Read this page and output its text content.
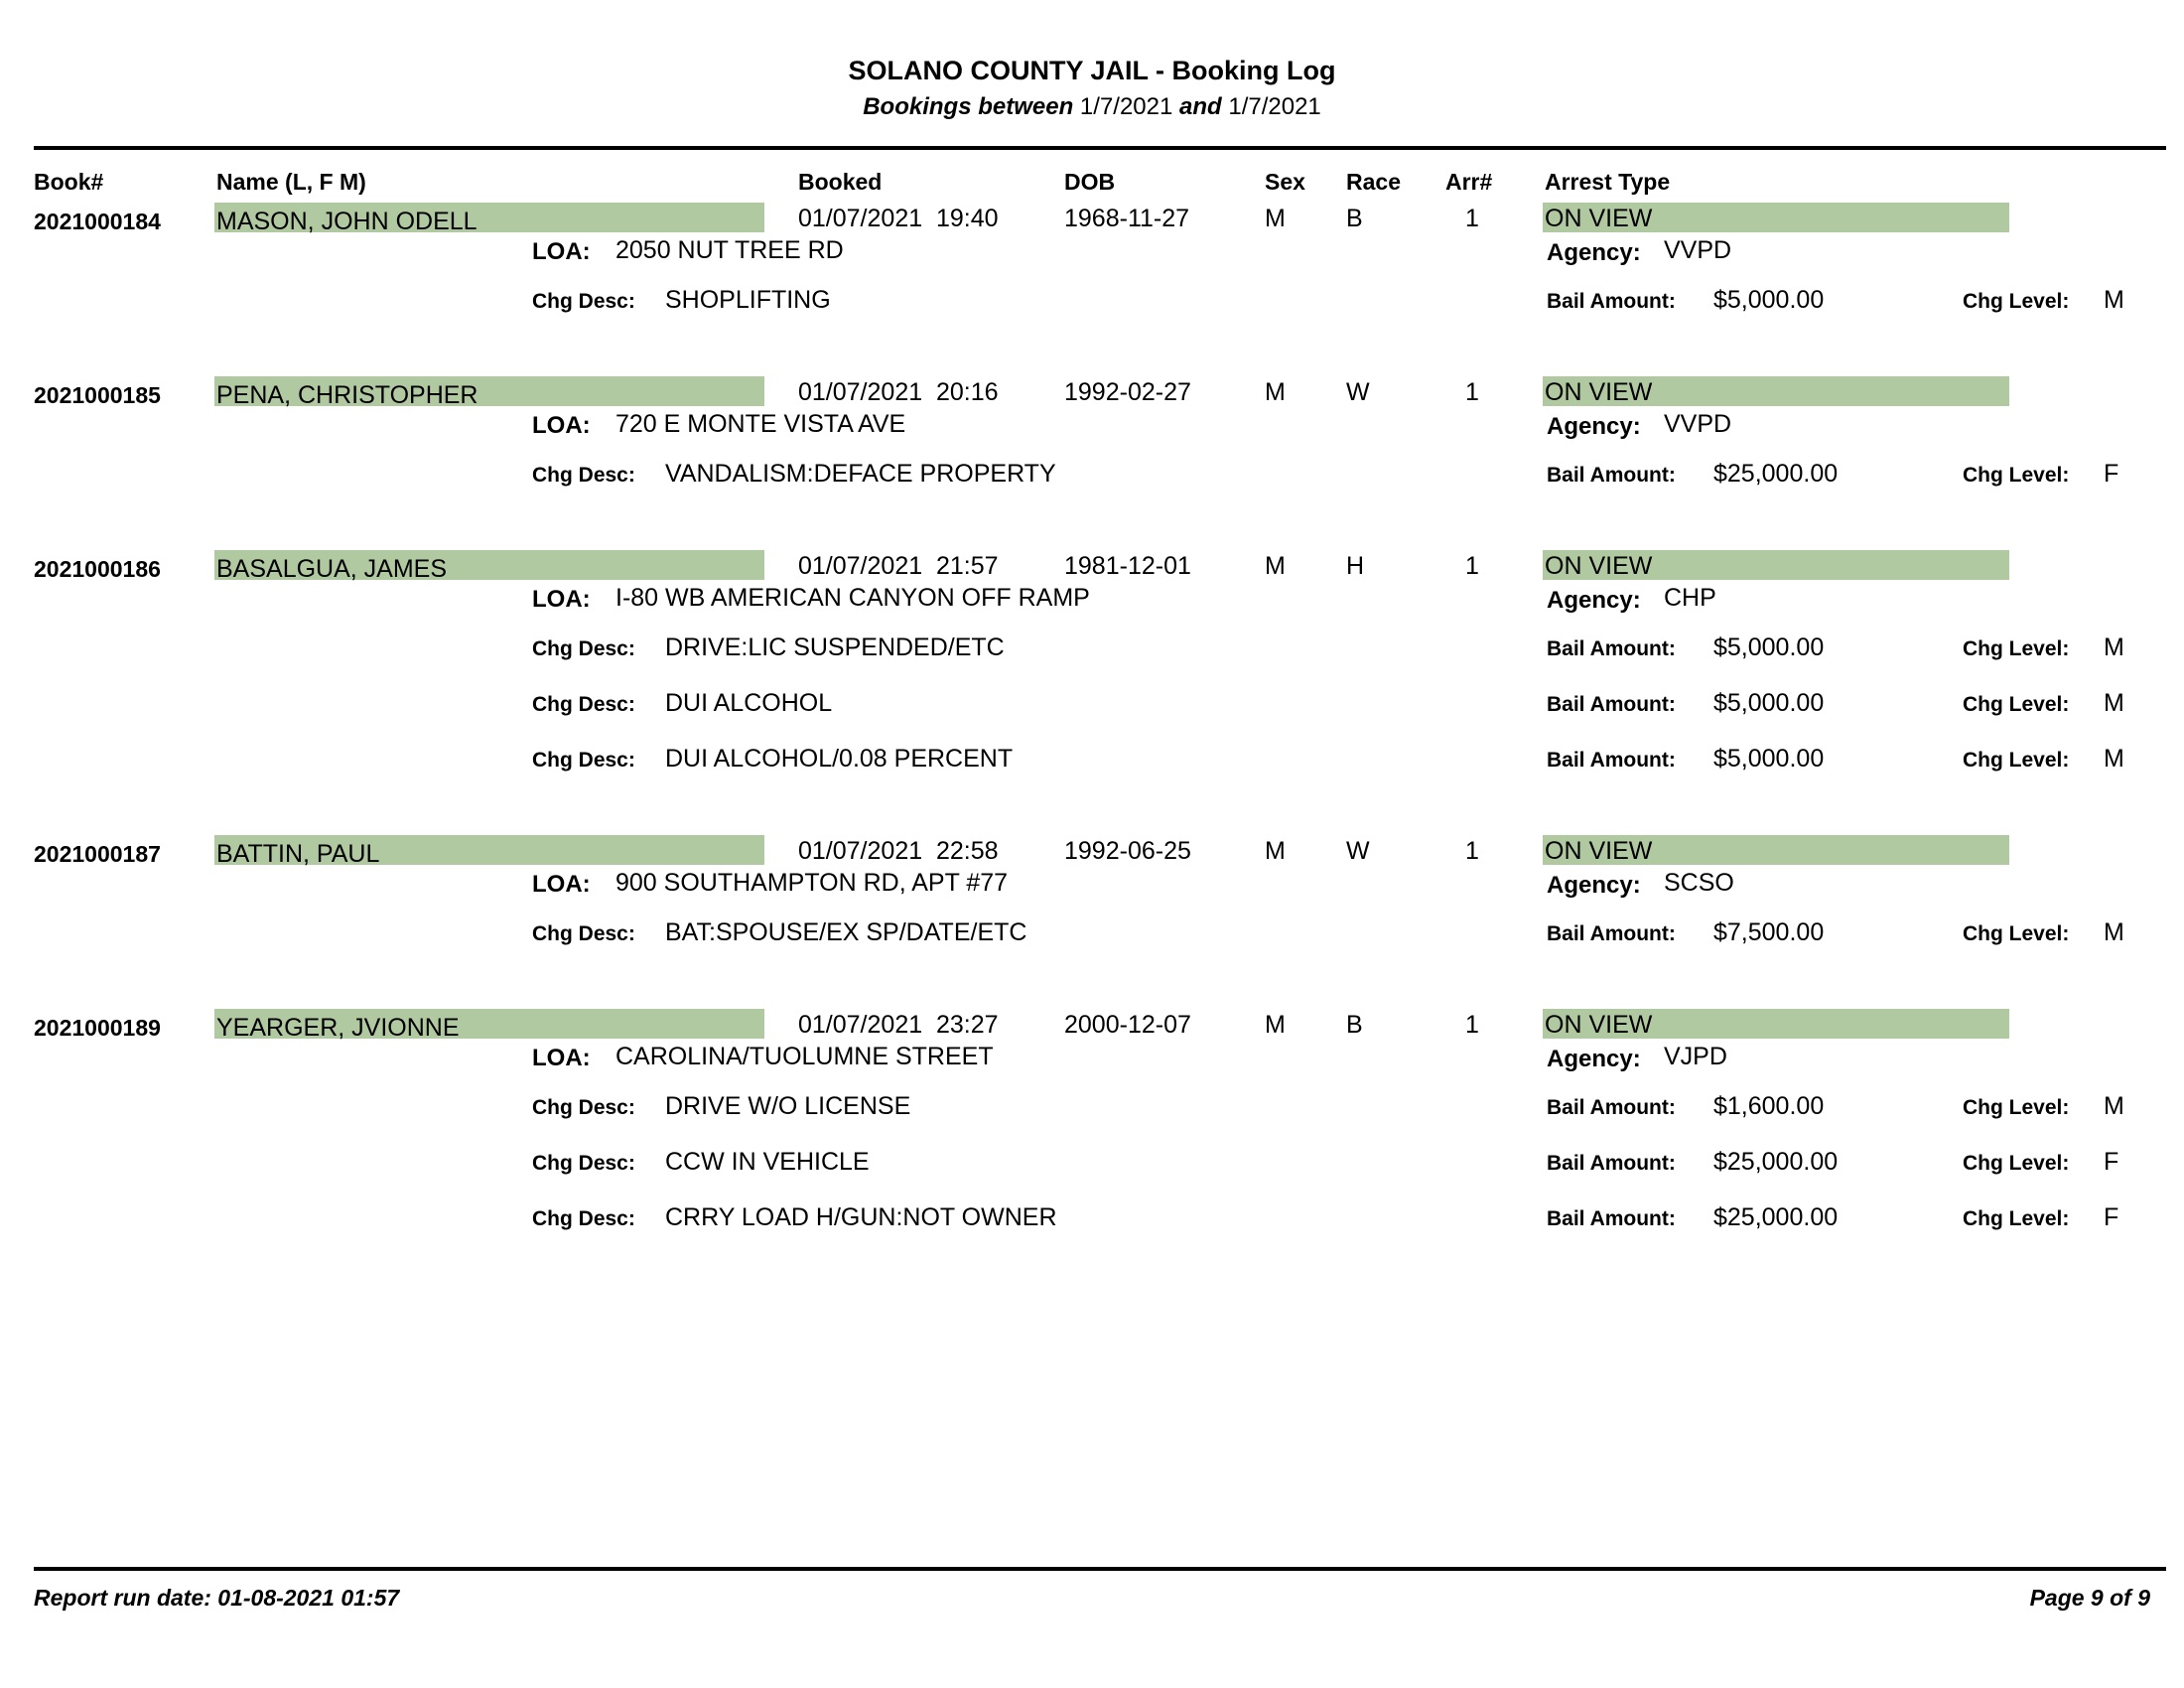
SOLANO COUNTY JAIL - Booking Log
Bookings between 1/7/2021 and 1/7/2021
Book#	Name (L, F M)	Booked	DOB	Sex Race Arr# Arrest Type
2021000184 MASON, JOHN ODELL	01/07/2021 19:40	1968-11-27	M B	1	ON VIEW
LOA: 2050 NUT TREE RD	Agency: VVPD
Chg Desc: SHOPLIFTING	Bail Amount: $5,000.00	Chg Level: M
2021000185 PENA, CHRISTOPHER	01/07/2021 20:16	1992-02-27	M W	1	ON VIEW
LOA: 720 E MONTE VISTA AVE	Agency: VVPD
Chg Desc: VANDALISM:DEFACE PROPERTY	Bail Amount: $25,000.00	Chg Level: F
2021000186 BASALGUA, JAMES	01/07/2021 21:57	1981-12-01	M H	1	ON VIEW
LOA: I-80 WB AMERICAN CANYON OFF RAMP	Agency: CHP
Chg Desc: DRIVE:LIC SUSPENDED/ETC	Bail Amount: $5,000.00	Chg Level: M
Chg Desc: DUI ALCOHOL	Bail Amount: $5,000.00	Chg Level: M
Chg Desc: DUI ALCOHOL/0.08 PERCENT	Bail Amount: $5,000.00	Chg Level: M
2021000187 BATTIN, PAUL	01/07/2021 22:58	1992-06-25	M W	1	ON VIEW
LOA: 900 SOUTHAMPTON RD, APT #77	Agency: SCSO
Chg Desc: BAT:SPOUSE/EX SP/DATE/ETC	Bail Amount: $7,500.00	Chg Level: M
2021000189 YEARGER, JVIONNE	01/07/2021 23:27	2000-12-07	M B	1	ON VIEW
LOA: CAROLINA/TUOLUMNE STREET	Agency: VJPD
Chg Desc: DRIVE W/O LICENSE	Bail Amount: $1,600.00	Chg Level: M
Chg Desc: CCW IN VEHICLE	Bail Amount: $25,000.00	Chg Level: F
Chg Desc: CRRY LOAD H/GUN:NOT OWNER	Bail Amount: $25,000.00	Chg Level: F
Report run date: 01-08-2021 01:57	Page 9 of 9
